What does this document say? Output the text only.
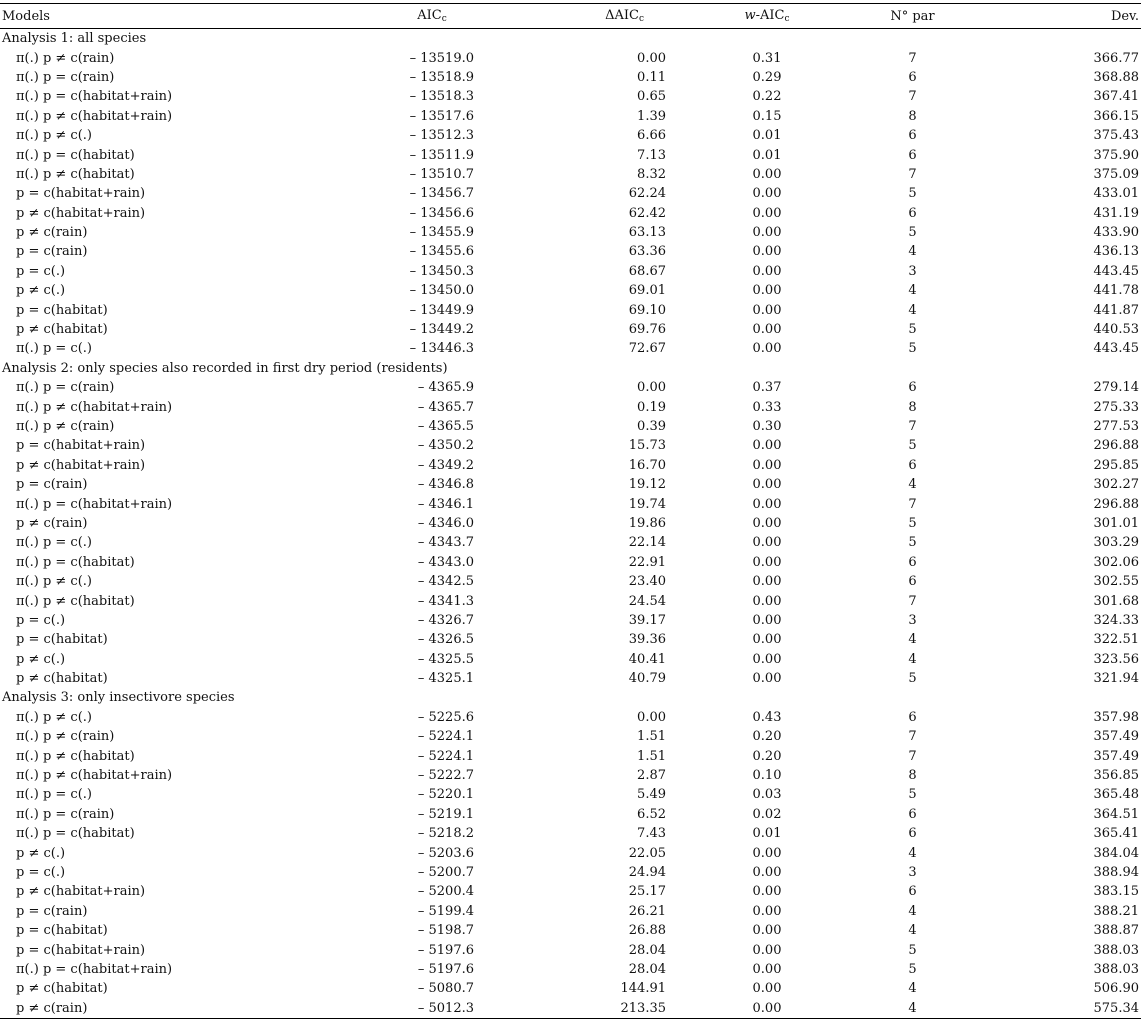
Models	$AIC_c$	$\Delta AIC_c$	$w-AIC_c$	N° par	Dev.
Analysis 1: all species					
π(.) p ≠ c(rain)	– 13519.0	0.00	0.31	7	366.77
π(.) p = c(rain)	– 13518.9	0.11	0.29	6	368.88
π(.) p = c(habitat+rain)	– 13518.3	0.65	0.22	7	367.41
π(.) p ≠ c(habitat+rain)	– 13517.6	1.39	0.15	8	366.15
π(.) p ≠ c(.)	– 13512.3	6.66	0.01	6	375.43
π(.) p = c(habitat)	– 13511.9	7.13	0.01	6	375.90
π(.) p ≠ c(habitat)	– 13510.7	8.32	0.00	7	375.09
p = c(habitat+rain)	– 13456.7	62.24	0.00	5	433.01
p ≠ c(habitat+rain)	– 13456.6	62.42	0.00	6	431.19
p ≠ c(rain)	– 13455.9	63.13	0.00	5	433.90
p = c(rain)	– 13455.6	63.36	0.00	4	436.13
p = c(.)	– 13450.3	68.67	0.00	3	443.45
p ≠ c(.)	– 13450.0	69.01	0.00	4	441.78
p = c(habitat)	– 13449.9	69.10	0.00	4	441.87
p ≠ c(habitat)	– 13449.2	69.76	0.00	5	440.53
π(.) p = c(.)	– 13446.3	72.67	0.00	5	443.45
Analysis 2: only species also recorded in first dry period (residents)					
π(.) p = c(rain)	– 4365.9	0.00	0.37	6	279.14
π(.) p ≠ c(habitat+rain)	– 4365.7	0.19	0.33	8	275.33
π(.) p ≠ c(rain)	– 4365.5	0.39	0.30	7	277.53
p = c(habitat+rain)	– 4350.2	15.73	0.00	5	296.88
p ≠ c(habitat+rain)	– 4349.2	16.70	0.00	6	295.85
p = c(rain)	– 4346.8	19.12	0.00	4	302.27
π(.) p = c(habitat+rain)	– 4346.1	19.74	0.00	7	296.88
p ≠ c(rain)	– 4346.0	19.86	0.00	5	301.01
π(.) p = c(.)	– 4343.7	22.14	0.00	5	303.29
π(.) p = c(habitat)	– 4343.0	22.91	0.00	6	302.06
π(.) p ≠ c(.)	– 4342.5	23.40	0.00	6	302.55
π(.) p ≠ c(habitat)	– 4341.3	24.54	0.00	7	301.68
p = c(.)	– 4326.7	39.17	0.00	3	324.33
p = c(habitat)	– 4326.5	39.36	0.00	4	322.51
p ≠ c(.)	– 4325.5	40.41	0.00	4	323.56
p ≠ c(habitat)	– 4325.1	40.79	0.00	5	321.94
Analysis 3: only insectivore species					
π(.) p ≠ c(.)	– 5225.6	0.00	0.43	6	357.98
π(.) p ≠ c(rain)	– 5224.1	1.51	0.20	7	357.49
π(.) p ≠ c(habitat)	– 5224.1	1.51	0.20	7	357.49
π(.) p ≠ c(habitat+rain)	– 5222.7	2.87	0.10	8	356.85
π(.) p = c(.)	– 5220.1	5.49	0.03	5	365.48
π(.) p = c(rain)	– 5219.1	6.52	0.02	6	364.51
π(.) p = c(habitat)	– 5218.2	7.43	0.01	6	365.41
p ≠ c(.)	– 5203.6	22.05	0.00	4	384.04
p = c(.)	– 5200.7	24.94	0.00	3	388.94
p ≠ c(habitat+rain)	– 5200.4	25.17	0.00	6	383.15
p = c(rain)	– 5199.4	26.21	0.00	4	388.21
p = c(habitat)	– 5198.7	26.88	0.00	4	388.87
p = c(habitat+rain)	– 5197.6	28.04	0.00	5	388.03
π(.) p = c(habitat+rain)	– 5197.6	28.04	0.00	5	388.03
p ≠ c(habitat)	– 5080.7	144.91	0.00	4	506.90
p ≠ c(rain)	– 5012.3	213.35	0.00	4	575.34
